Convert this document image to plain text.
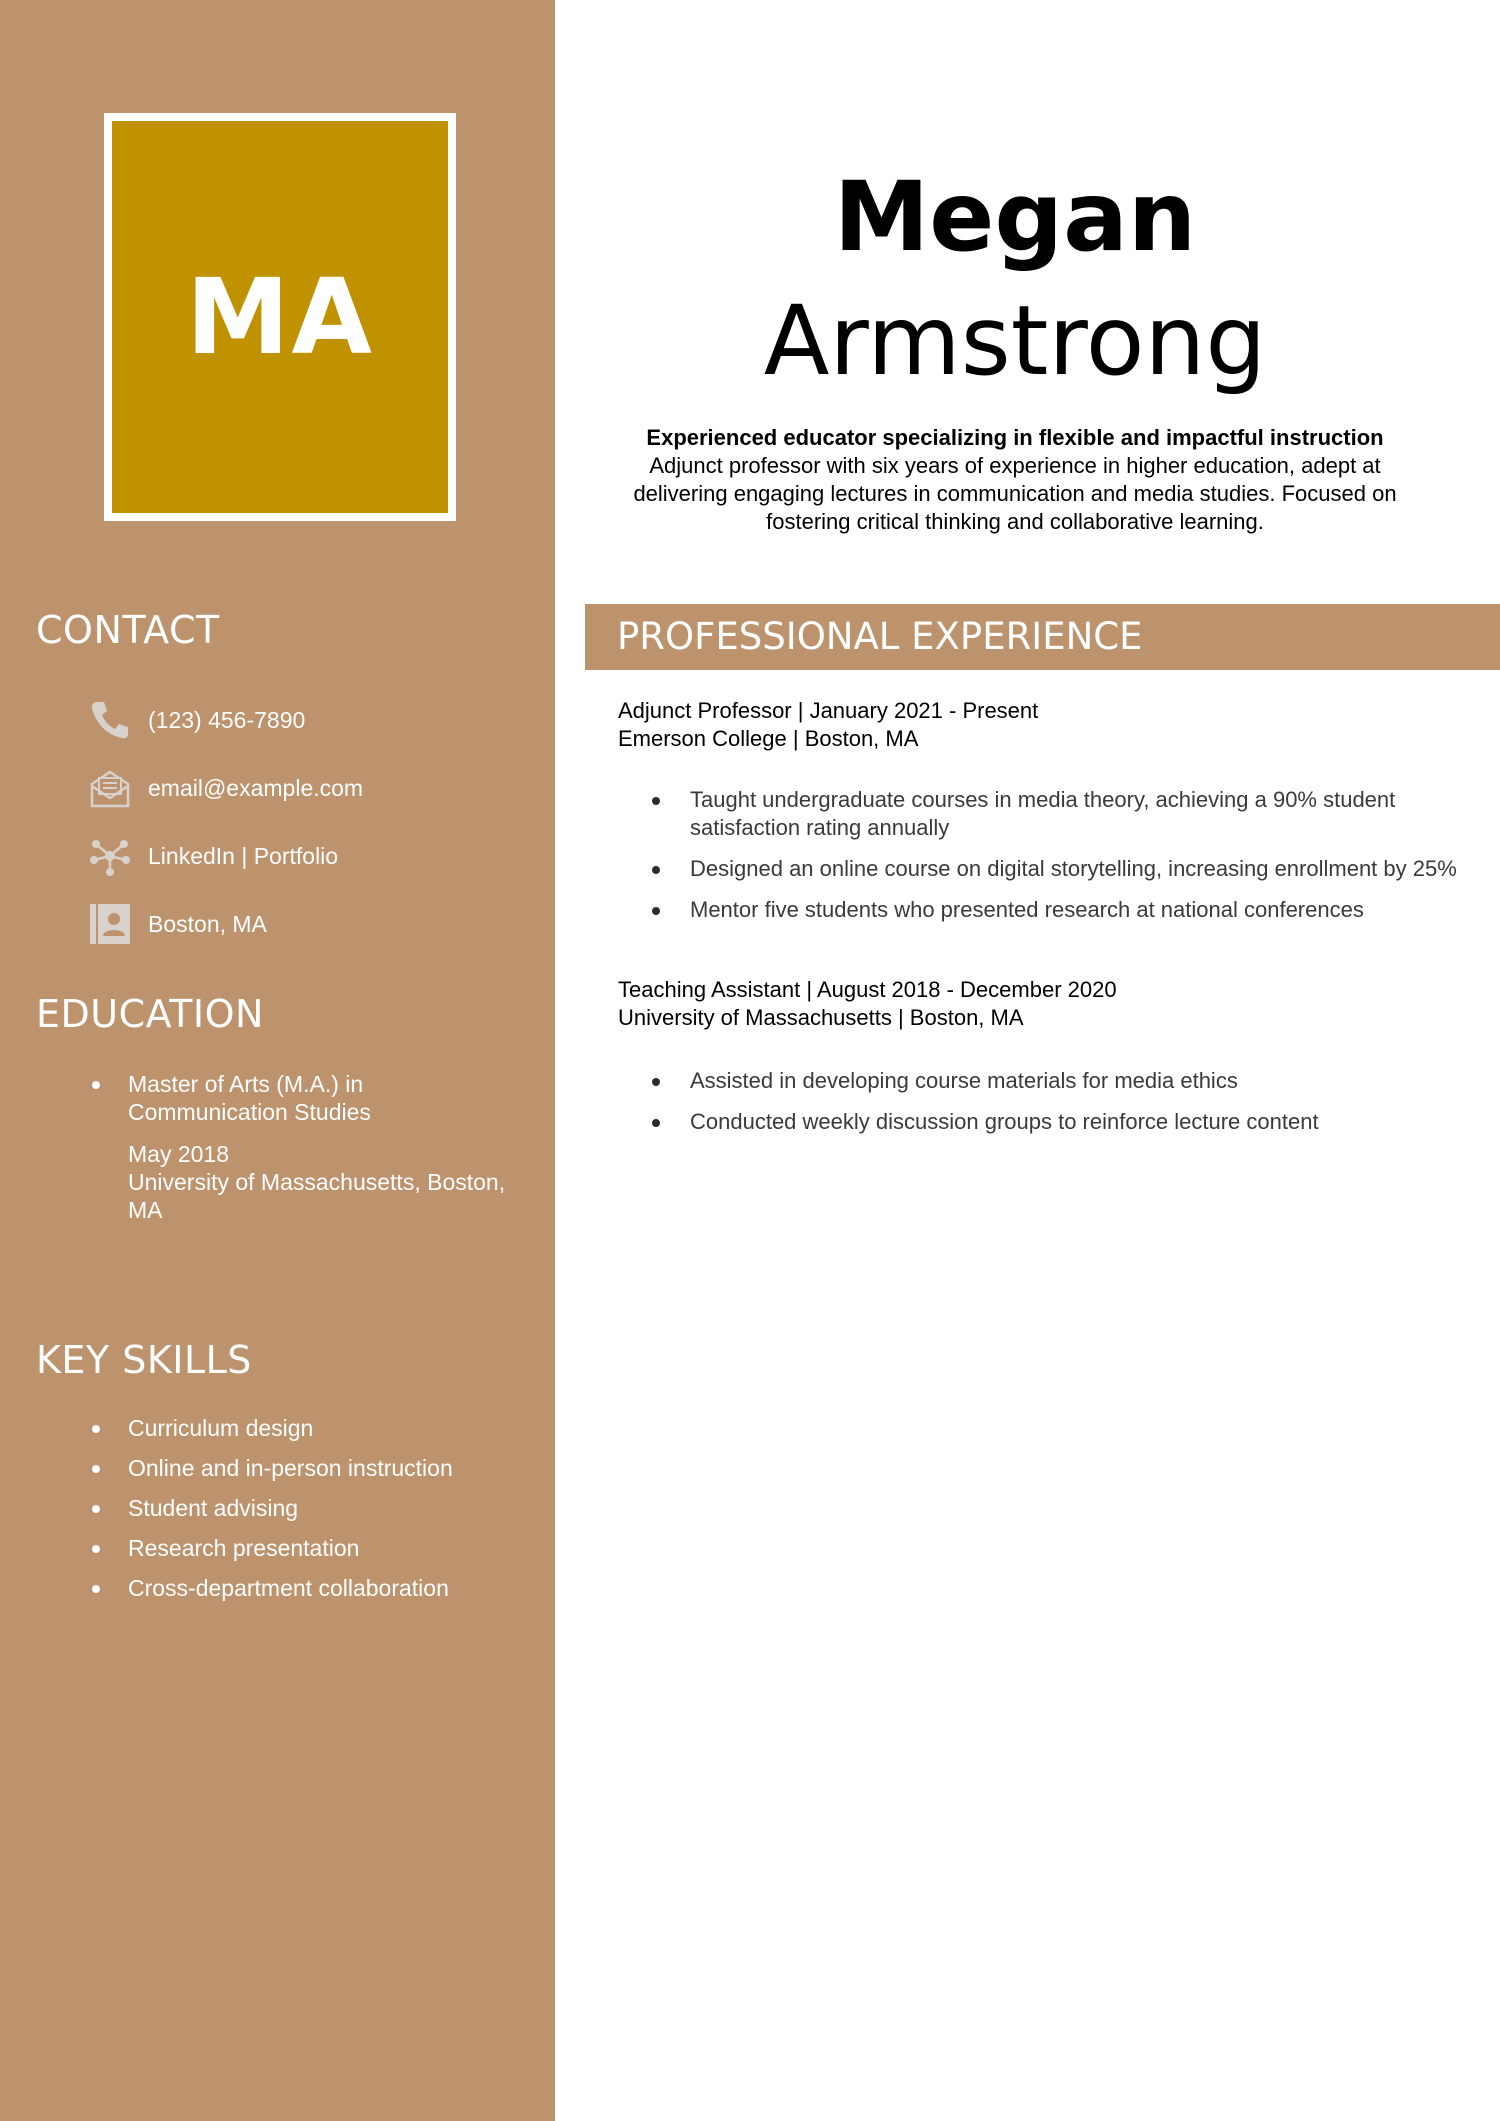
MA
CONTACT
(123) 456-7890
email@example.com
LinkedIn | Portfolio
Boston, MA
EDUCATION
Master of Arts (M.A.) in Communication Studies
May 2018
University of Massachusetts, Boston, MA
KEY SKILLS
Curriculum design
Online and in-person instruction
Student advising
Research presentation
Cross-department collaboration
Megan
Armstrong
Experienced educator specializing in flexible and impactful instruction
Adjunct professor with six years of experience in higher education, adept at delivering engaging lectures in communication and media studies. Focused on fostering critical thinking and collaborative learning.
PROFESSIONAL EXPERIENCE
Adjunct Professor | January 2021 - Present
Emerson College | Boston, MA
Taught undergraduate courses in media theory, achieving a 90% student satisfaction rating annually
Designed an online course on digital storytelling, increasing enrollment by 25%
Mentor five students who presented research at national conferences
Teaching Assistant | August 2018 - December 2020
University of Massachusetts | Boston, MA
Assisted in developing course materials for media ethics
Conducted weekly discussion groups to reinforce lecture content
